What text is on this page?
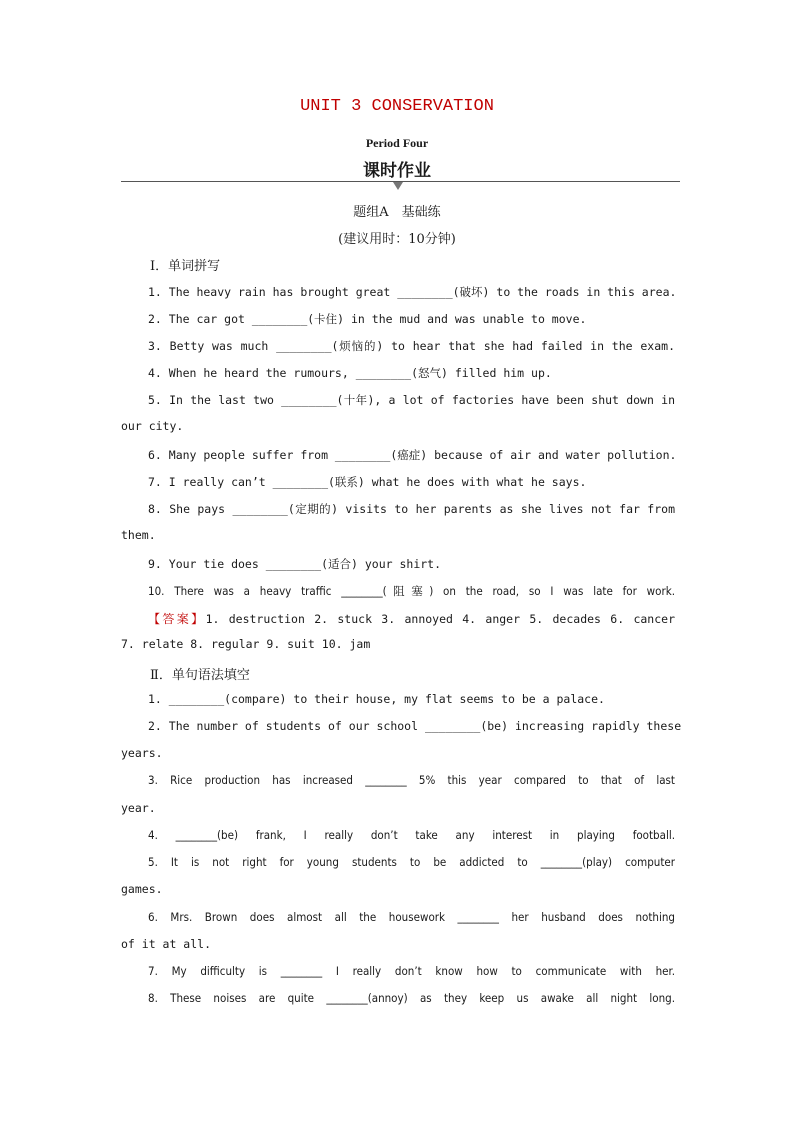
UNIT 3 CONSERVATION
Period Four
课时作业
题组A　基础练
(建议用时：10分钟)
Ⅰ．单词拼写
1. The heavy rain has brought great ________(破坏) to the roads in this area.
2. The car got ________(卡住) in the mud and was unable to move.
3. Betty was much ________(烦恼的) to hear that she had failed in the exam.
4. When he heard the rumours, ________(怒气) filled him up.
5. In the last two ________(十年), a lot of factories have been shut down in
our city.
6. Many people suffer from ________(癌症) because of air and water pollution.
7. I really can’t ________(联系) what he does with what he says.
8. She pays ________(定期的) visits to her parents as she lives not far from
them.
9. Your tie does ________(适合) your shirt.
10. There was a heavy traffic ________(阻塞) on the road, so I was late for work.
【答案】1. destruction 2. stuck 3. annoyed 4. anger 5. decades 6. cancer
7. relate 8. regular 9. suit 10. jam
Ⅱ．单句语法填空
1. ________(compare) to their house, my flat seems to be a palace.
2. The number of students of our school ________(be) increasing rapidly these
years.
3. Rice production has increased ________ 5% this year compared to that of last
year.
4. ________(be) frank, I really don’t take any interest in playing football.
5. It is not right for young students to be addicted to ________(play) computer
games.
6. Mrs. Brown does almost all the housework ________ her husband does nothing
of it at all.
7. My difficulty is ________ I really don’t know how to communicate with her.
8. These noises are quite ________(annoy) as they keep us awake all night long.
